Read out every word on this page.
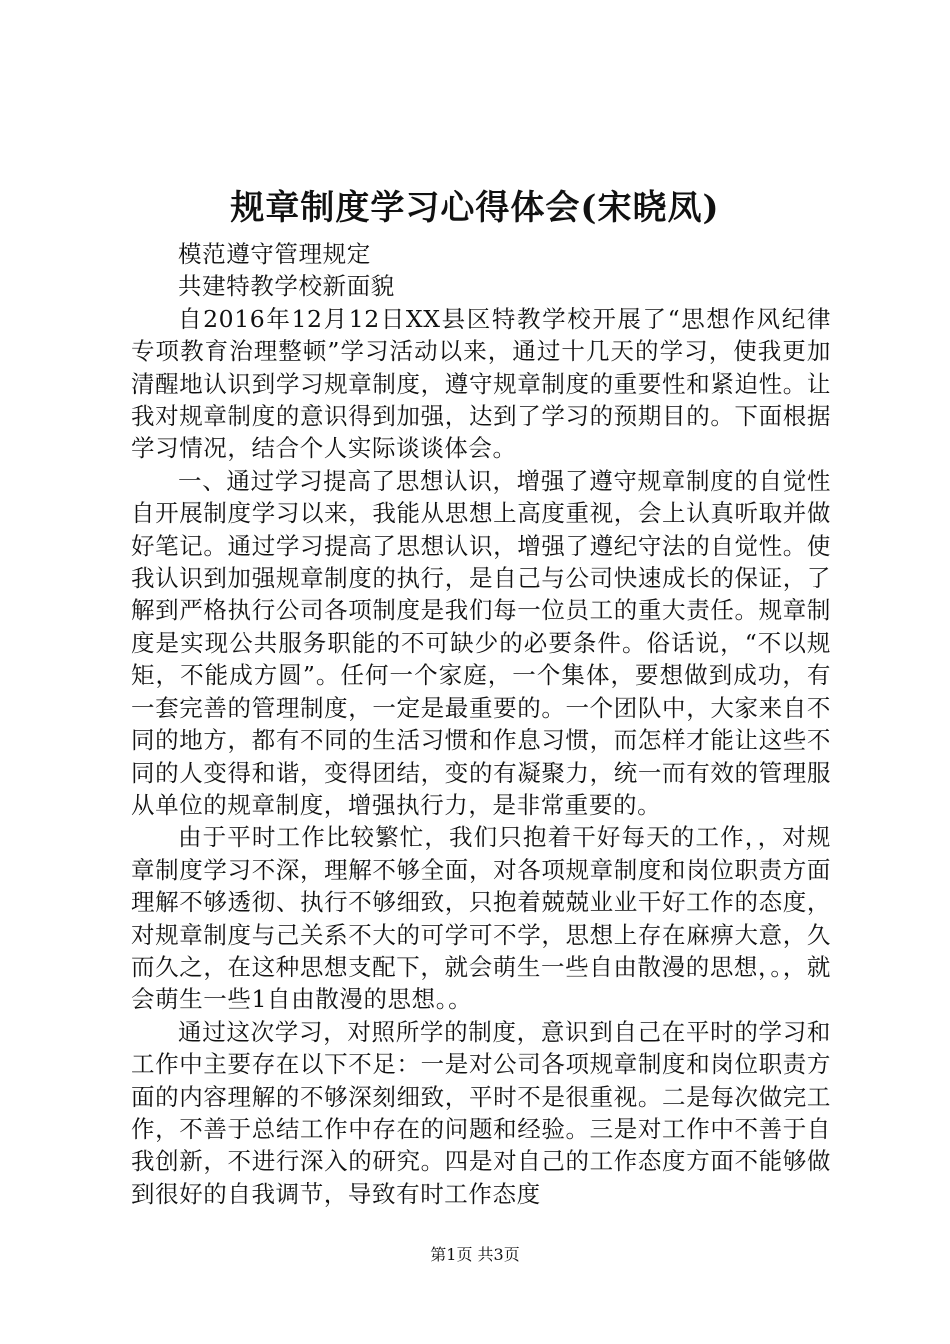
规章制度学习心得体会(宋晓凤)

模范遵守管理规定

共建特教学校新面貌

自2016年12月12日XX县区特教学校开展了“思想作风纪律专项教育治理整顿”学习活动以来，通过十几天的学习，使我更加清醒地认识到学习规章制度，遵守规章制度的重要性和紧迫性。让我对规章制度的意识得到加强，达到了学习的预期目的。下面根据学习情况，结合个人实际谈谈体会。

一、通过学习提高了思想认识，增强了遵守规章制度的自觉性自开展制度学习以来，我能从思想上高度重视，会上认真听取并做好笔记。通过学习提高了思想认识，增强了遵纪守法的自觉性。使我认识到加强规章制度的执行，是自己与公司快速成长的保证，了解到严格执行公司各项制度是我们每一位员工的重大责任。规章制度是实现公共服务职能的不可缺少的必要条件。俗话说，“不以规矩，不能成方圆”。任何一个家庭，一个集体，要想做到成功，有一套完善的管理制度，一定是最重要的。一个团队中，大家来自不同的地方，都有不同的生活习惯和作息习惯，而怎样才能让这些不同的人变得和谐，变得团结，变的有凝聚力，统一而有效的管理服从单位的规章制度，增强执行力，是非常重要的。

由于平时工作比较繁忙，我们只抱着干好每天的工作，，对规章制度学习不深，理解不够全面，对各项规章制度和岗位职责方面理解不够透彻、执行不够细致，只抱着兢兢业业干好工作的态度，对规章制度与己关系不大的可学可不学，思想上存在麻痹大意，久而久之，在这种思想支配下，就会萌生一些自由散漫的思想，。，就会萌生一些1自由散漫的思想。。

通过这次学习，对照所学的制度，意识到自己在平时的学习和工作中主要存在以下不足：一是对公司各项规章制度和岗位职责方面的内容理解的不够深刻细致，平时不是很重视。二是每次做完工作，不善于总结工作中存在的问题和经验。三是对工作中不善于自我创新，不进行深入的研究。四是对自己的工作态度方面不能够做到很好的自我调节，导致有时工作态度

第1页 共3页
